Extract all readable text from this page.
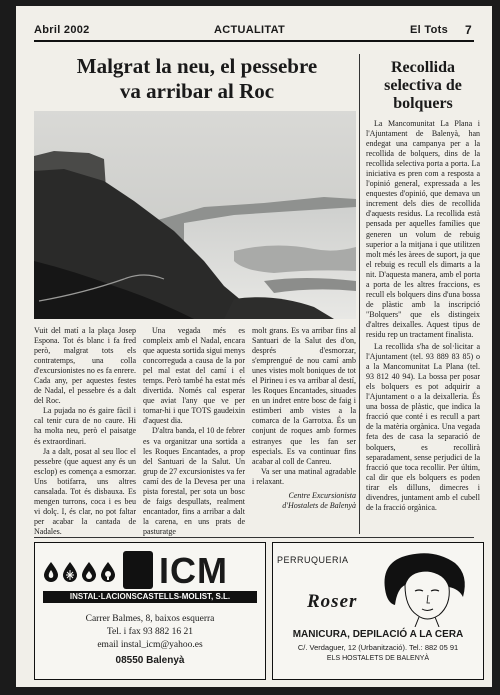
Abril 2002	ACTUALITAT	El Tots 7
Malgrat la neu, el pessebre
va arribar al Roc

Vuit del matí a la plaça Josep Espona. Tot és blanc i fa fred però, malgrat tots els contratemps, una colla d'excursionistes no es fa enrere. Cada any, per aquestes festes de Nadal, el pessebre és a dalt del Roc.

La pujada no és gaire fàcil i cal tenir cura de no caure. Hi ha molta neu, però el paisatge és extraordinari.

Ja a dalt, posat al seu lloc el pessebre (que aquest any és un esclop) es comença a esmorzar. Uns botifarra, uns altres cansalada. Tot és disbauxa. Es mengen turrons, coca i es beu vi dolç. I, és clar, no pot faltar per acabar la cantada de Nadales.

Una vegada més es compleix amb el Nadal, encara que aquesta sortida sigui menys concorreguda a causa de la por pel mal estat del camí i el temps. Però també ha estat més divertida. Només cal esperar que aviat l'any que ve per tornar-hi i que TOTS gaudeixin d'aquest dia.

D'altra banda, el 10 de febrer es va organitzar una sortida a les Roques Encantades, a prop del Santuari de la Salut. Un grup de 27 excursionistes va fer camí des de la Devesa per una pista forestal, per sota un bosc de faigs despullats, realment encantador, fins a arribar a dalt la carena, en uns prats de pasturatge

molt grans. Es va arribar fins al Santuari de la Salut des d'on, després d'esmorzar, s'emprengué de nou camí amb unes vistes molt boniques de tot el Pirineu i es va arribar al destí, les Roques Encantades, situades en un indret entre bosc de faig i estimberi amb vistes a la comarca de la Garrotxa. És un conjunt de roques amb formes estranyes que les fan ser especials. Es va continuar fins acabar al coll de Canreu.

Va ser una matinal agradable i relaxant.

Centre Excursionista
d'Hostalets de Balenyà
Recollida
selectiva de
bolquers

La Mancomunitat La Plana i l'Ajuntament de Balenyà, han endegat una campanya per a la recollida de bolquers, dins de la recollida selectiva porta a porta. La iniciativa es pren com a resposta a l'opinió general, expressada a les enquestes d'opinió, que demava un increment dels dies de recollida d'aquests residus. La recollida està pensada per aquelles famílies que generen un volum de rebuig superior a la mitjana i que utilitzen molt més les àrees de suport, ja que el rebuig es recull els dimarts a la nit. D'aquesta manera, amb el porta a porta de les altres fraccions, es recull els bolquers dins d'una bossa de plàstic amb la inscripció "Bolquers" que els distingeix d'altres deixalles. Aquest tipus de residu rep un tractament finalista.

La recollida s'ha de sol·licitar a l'Ajuntament (tel. 93 889 83 85) o a la Mancomunitat La Plana (tel. 93 812 40 94). La bossa per posar els bolquers es pot adquirir a l'Ajuntament o a la deixalleria. És una bossa de plàstic, que indica la fracció que conté i es recull a part de la matèria orgànica. Una vegada feta des de casa la separació de bolquers, es recollirà separadament, sense perjudici de la fracció que toca recollir. Per últim, cal dir que els bolquers es poden tirar els dilluns, dimecres i divendres, juntament amb el cubell de la fracció orgànica.

ICM
INSTAL·LACIONSCASTELLS-MOLIST, S.L.
Carrer Balmes, 8, baixos esquerra
Tel. i fax 93 882 16 21
email instal_icm@yahoo.es
08550 Balenyà
PERRUQUERIA
Roser
MANICURA, DEPILACIÓ A LA CERA
C/. Verdaguer, 12 (Urbanització). Tel.: 882 05 91
ELS HOSTALETS DE BALENYÀ
